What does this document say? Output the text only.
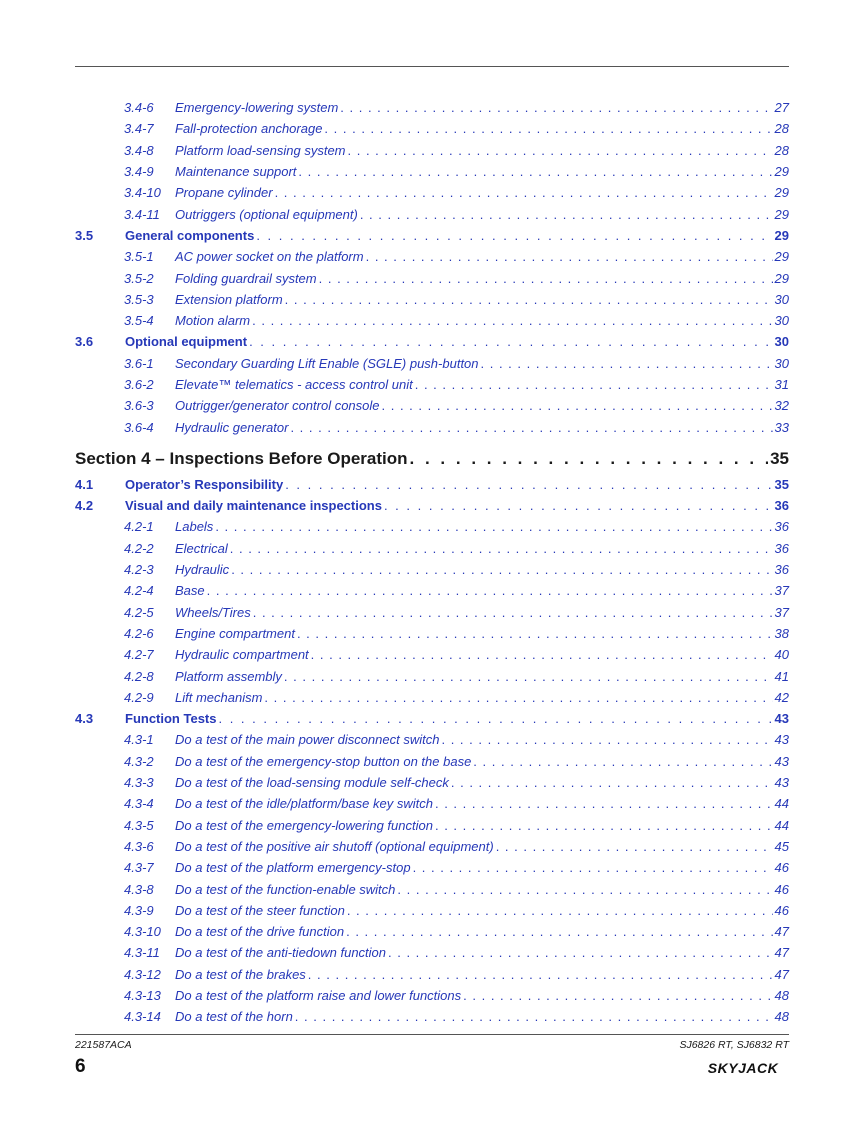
3.4-6 Emergency-lowering system . . .	27
3.4-7 Fall-protection anchorage . . .	28
3.4-8 Platform load-sensing system . . .	28
3.4-9 Maintenance support . . .	29
3.4-10 Propane cylinder . . .	29
3.4-11 Outriggers (optional equipment) . . .	29
3.5 General components . . .	29
3.5-1 AC power socket on the platform . . .	29
3.5-2 Folding guardrail system . . .	29
3.5-3 Extension platform . . .	30
3.5-4 Motion alarm . . .	30
3.6 Optional equipment . . .	30
3.6-1 Secondary Guarding Lift Enable (SGLE) push-button . . .	30
3.6-2 Elevate™ telematics - access control unit . . .	31
3.6-3 Outrigger/generator control console . . .	32
3.6-4 Hydraulic generator . . .	33
Section 4 – Inspections Before Operation . . .	35
4.1 Operator’s Responsibility . . .	35
4.2 Visual and daily maintenance inspections . . .	36
4.2-1 Labels . . .	36
4.2-2 Electrical . . .	36
4.2-3 Hydraulic . . .	36
4.2-4 Base . . .	37
4.2-5 Wheels/Tires . . .	37
4.2-6 Engine compartment . . .	38
4.2-7 Hydraulic compartment . . .	40
4.2-8 Platform assembly . . .	41
4.2-9 Lift mechanism . . .	42
4.3 Function Tests . . .	43
4.3-1 Do a test of the main power disconnect switch . . .	43
4.3-2 Do a test of the emergency-stop button on the base . . .	43
4.3-3 Do a test of the load-sensing module self-check . . .	43
4.3-4 Do a test of the idle/platform/base key switch . . .	44
4.3-5 Do a test of the emergency-lowering function . . .	44
4.3-6 Do a test of the positive air shutoff (optional equipment) . . .	45
4.3-7 Do a test of the platform emergency-stop . . .	46
4.3-8 Do a test of the function-enable switch . . .	46
4.3-9 Do a test of the steer function . . .	46
4.3-10 Do a test of the drive function . . .	47
4.3-11 Do a test of the anti-tiedown function . . .	47
4.3-12 Do a test of the brakes . . .	47
4.3-13 Do a test of the platform raise and lower functions . . .	48
4.3-14 Do a test of the horn . . .	48
221587ACA	SJ6826 RT, SJ6832 RT
6	SKYJACK
